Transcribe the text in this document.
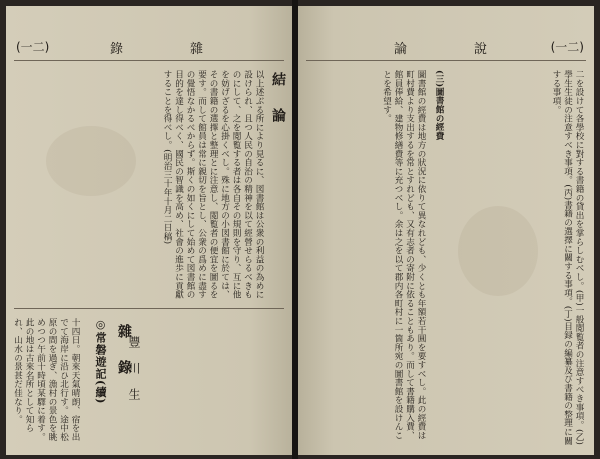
(一二)	錄	雜
結論

以上述ぶる所により見るに、図書館は公衆の利益の為めに設けられ、且つ人民の自治の精神を以て經營せらるべきものにして、之を閲覧する者は各自その規則を守り、互に他を妨げざるを心掛くべし。殊に地方の小図書館に於ては、その書籍の選擇と整理とに注意し、閲覧者の便宜を圖るを要す。而して館員は常に親切を旨とし、公衆の爲めに盡すの覺悟なかるべからず。斯くの如くにして始めて図書館の目的を達し得べく、國民の智識を高め、社會の進歩に貢獻することを得べし。(明治三十年十月二日稿)

雜錄

◎常磐遊記(續)

十四日。朝來天氣晴朗、宿を出でて海岸に沿ひ北行す。途中松原の間を過ぎ、漁村の景色を眺めつつ午前十時頃某驛に着す。此の地は古來名所として知られ、山水の景甚だ佳なり。	豐川生
論	說	(一二)

二を設けて各學校に對する書籍の貸出を掌らしむべし。(甲)一般閲覧者の注意すべき事項。(乙)學生生徒の注意すべき事項。(丙)書籍の選擇に關する事項。(丁)目録の編纂及び書籍の整理に關する事項。

(三)圖書館の經費

圖書館の經費は地方の狀況に依りて異なれども、少くとも年額若干圓を要すべし。此の經費は町村費より支出するを常とすれども、又有志者の寄附に依ることもあり。而して書籍購入費、館員俸給、建物修繕費等に充つべし。余は之を以て郡内各町村に一箇所宛の圖書館を設けんことを希望す。
